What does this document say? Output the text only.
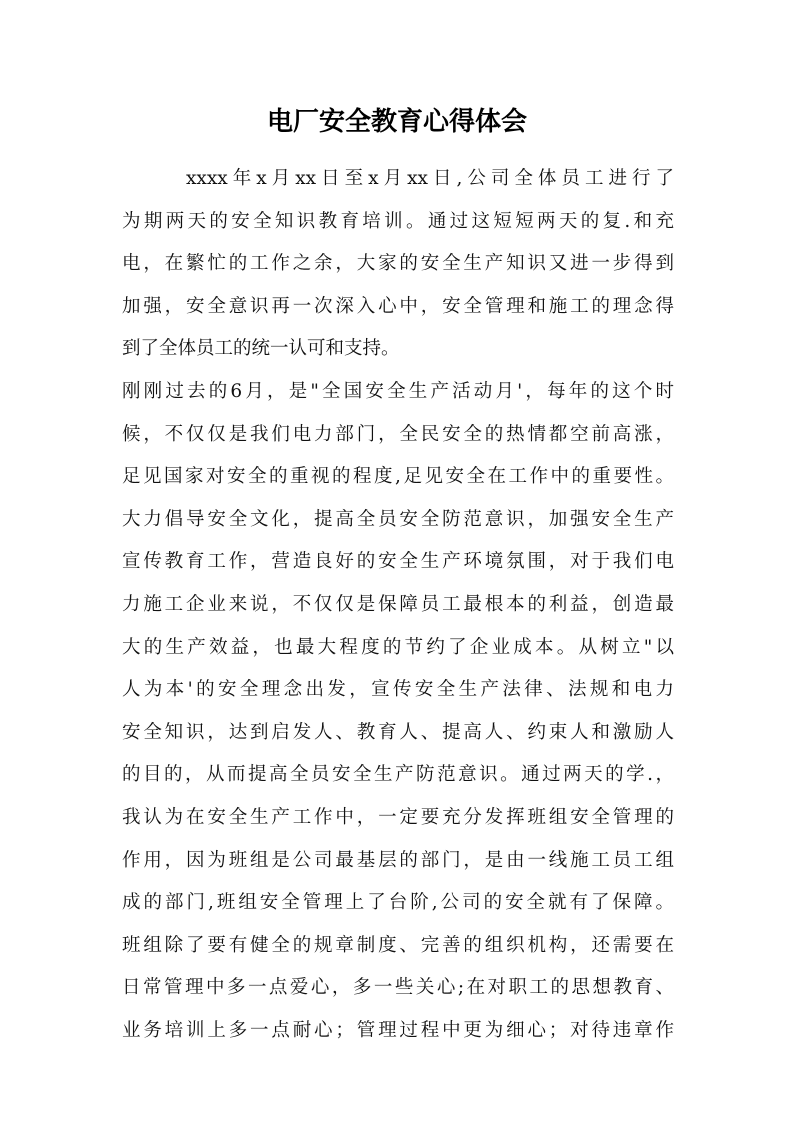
电厂安全教育心得体会
xxxx年x月xx日至x月xx日,公司全体员工进行了
为期两天的安全知识教育培训。通过这短短两天的复.和充
电，在繁忙的工作之余，大家的安全生产知识又进一步得到
加强，安全意识再一次深入心中，安全管理和施工的理念得
到了全体员工的统一认可和支持。
刚刚过去的6月，是"全国安全生产活动月'，每年的这个时
候，不仅仅是我们电力部门，全民安全的热情都空前高涨，
足见国家对安全的重视的程度,足见安全在工作中的重要性。
大力倡导安全文化，提高全员安全防范意识，加强安全生产
宣传教育工作，营造良好的安全生产环境氛围，对于我们电
力施工企业来说，不仅仅是保障员工最根本的利益，创造最
大的生产效益，也最大程度的节约了企业成本。从树立"以
人为本'的安全理念出发，宣传安全生产法律、法规和电力
安全知识，达到启发人、教育人、提高人、约束人和激励人
的目的，从而提高全员安全生产防范意识。通过两天的学.，
我认为在安全生产工作中，一定要充分发挥班组安全管理的
作用，因为班组是公司最基层的部门，是由一线施工员工组
成的部门,班组安全管理上了台阶,公司的安全就有了保障。
班组除了要有健全的规章制度、完善的组织机构，还需要在
日常管理中多一点爱心，多一些关心;在对职工的思想教育、
业务培训上多一点耐心；管理过程中更为细心；对待违章作
